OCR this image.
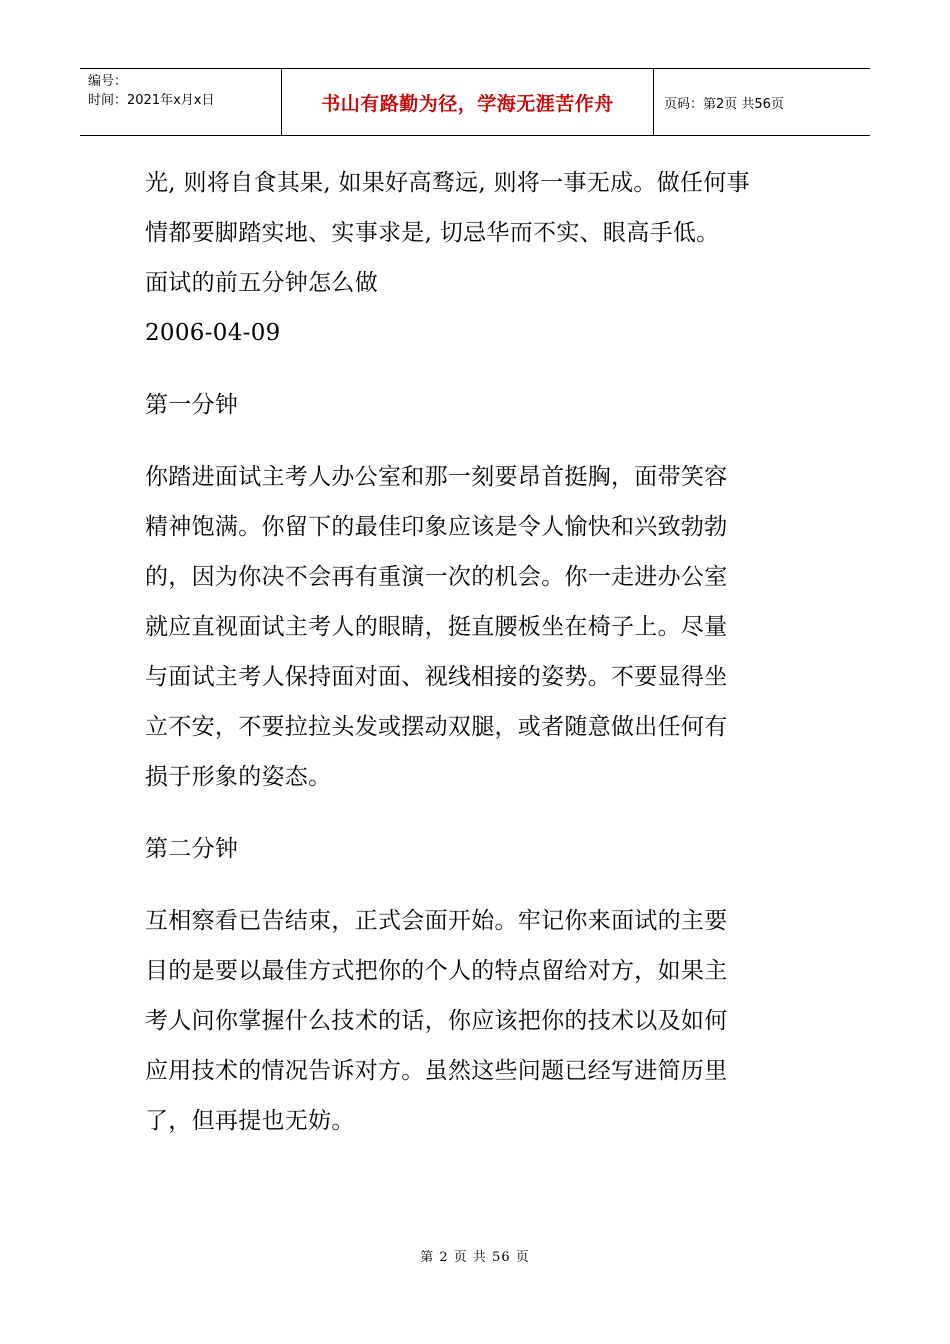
编号：
时间：2021年x月x日	书山有路勤为径，学海无涯苦作舟	页码：第2页 共56页
光, 则将自食其果, 如果好高骛远, 则将一事无成。做任何事
情都要脚踏实地、实事求是, 切忌华而不实、眼高手低。
面试的前五分钟怎么做
2006-04-09
第一分钟
你踏进面试主考人办公室和那一刻要昂首挺胸，面带笑容
精神饱满。你留下的最佳印象应该是令人愉快和兴致勃勃
的，因为你决不会再有重演一次的机会。你一走进办公室
就应直视面试主考人的眼睛，挺直腰板坐在椅子上。尽量
与面试主考人保持面对面、视线相接的姿势。不要显得坐
立不安，不要拉拉头发或摆动双腿，或者随意做出任何有
损于形象的姿态。
第二分钟
互相察看已告结束，正式会面开始。牢记你来面试的主要
目的是要以最佳方式把你的个人的特点留给对方，如果主
考人问你掌握什么技术的话，你应该把你的技术以及如何
应用技术的情况告诉对方。虽然这些问题已经写进简历里
了，但再提也无妨。
第 2 页 共 56 页
